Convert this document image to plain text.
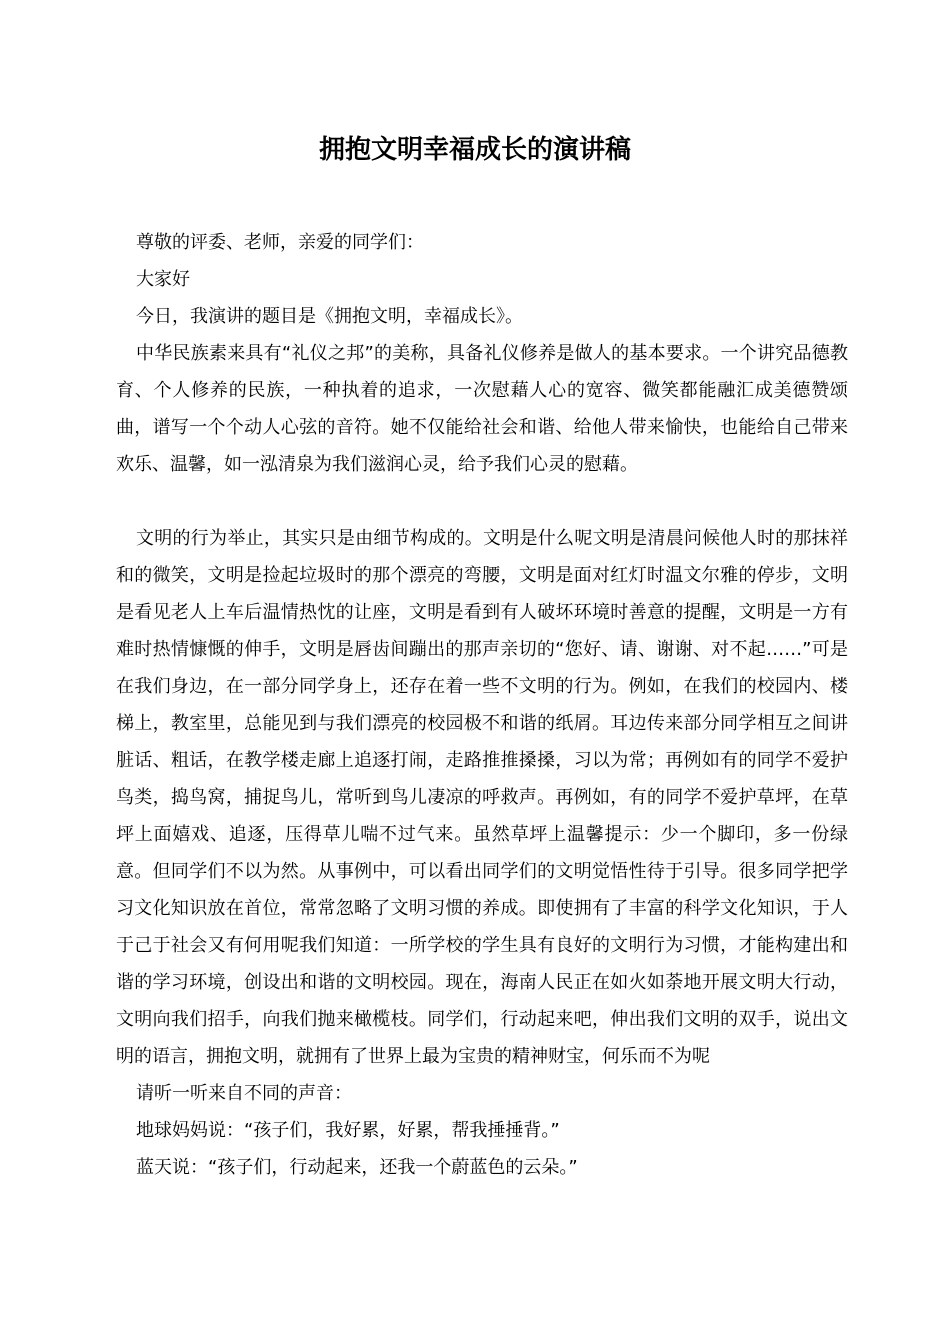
拥抱文明幸福成长的演讲稿

尊敬的评委、老师，亲爱的同学们：

大家好

今日，我演讲的题目是《拥抱文明，幸福成长》。

中华民族素来具有“礼仪之邦”的美称，具备礼仪修养是做人的基本要求。一个讲究品德教育、个人修养的民族，一种执着的追求，一次慰藉人心的宽容、微笑都能融汇成美德赞颂曲，谱写一个个动人心弦的音符。她不仅能给社会和谐、给他人带来愉快，也能给自己带来欢乐、温馨，如一泓清泉为我们滋润心灵，给予我们心灵的慰藉。

文明的行为举止，其实只是由细节构成的。文明是什么呢文明是清晨问候他人时的那抹祥和的微笑，文明是捡起垃圾时的那个漂亮的弯腰，文明是面对红灯时温文尔雅的停步，文明是看见老人上车后温情热忱的让座，文明是看到有人破坏环境时善意的提醒，文明是一方有难时热情慷慨的伸手，文明是唇齿间蹦出的那声亲切的“您好、请、谢谢、对不起……”可是在我们身边，在一部分同学身上，还存在着一些不文明的行为。例如，在我们的校园内、楼梯上，教室里，总能见到与我们漂亮的校园极不和谐的纸屑。耳边传来部分同学相互之间讲脏话、粗话，在教学楼走廊上追逐打闹，走路推推搡搡，习以为常；再例如有的同学不爱护鸟类，捣鸟窝，捕捉鸟儿，常听到鸟儿凄凉的呼救声。再例如，有的同学不爱护草坪，在草坪上面嬉戏、追逐，压得草儿喘不过气来。虽然草坪上温馨提示：少一个脚印，多一份绿意。但同学们不以为然。从事例中，可以看出同学们的文明觉悟性待于引导。很多同学把学习文化知识放在首位，常常忽略了文明习惯的养成。即使拥有了丰富的科学文化知识，于人于己于社会又有何用呢我们知道：一所学校的学生具有良好的文明行为习惯，才能构建出和谐的学习环境，创设出和谐的文明校园。现在，海南人民正在如火如荼地开展文明大行动，文明向我们招手，向我们抛来橄榄枝。同学们，行动起来吧，伸出我们文明的双手，说出文明的语言，拥抱文明，就拥有了世界上最为宝贵的精神财宝，何乐而不为呢

请听一听来自不同的声音：

地球妈妈说：“孩子们，我好累，好累，帮我捶捶背。”

蓝天说：“孩子们，行动起来，还我一个蔚蓝色的云朵。”
